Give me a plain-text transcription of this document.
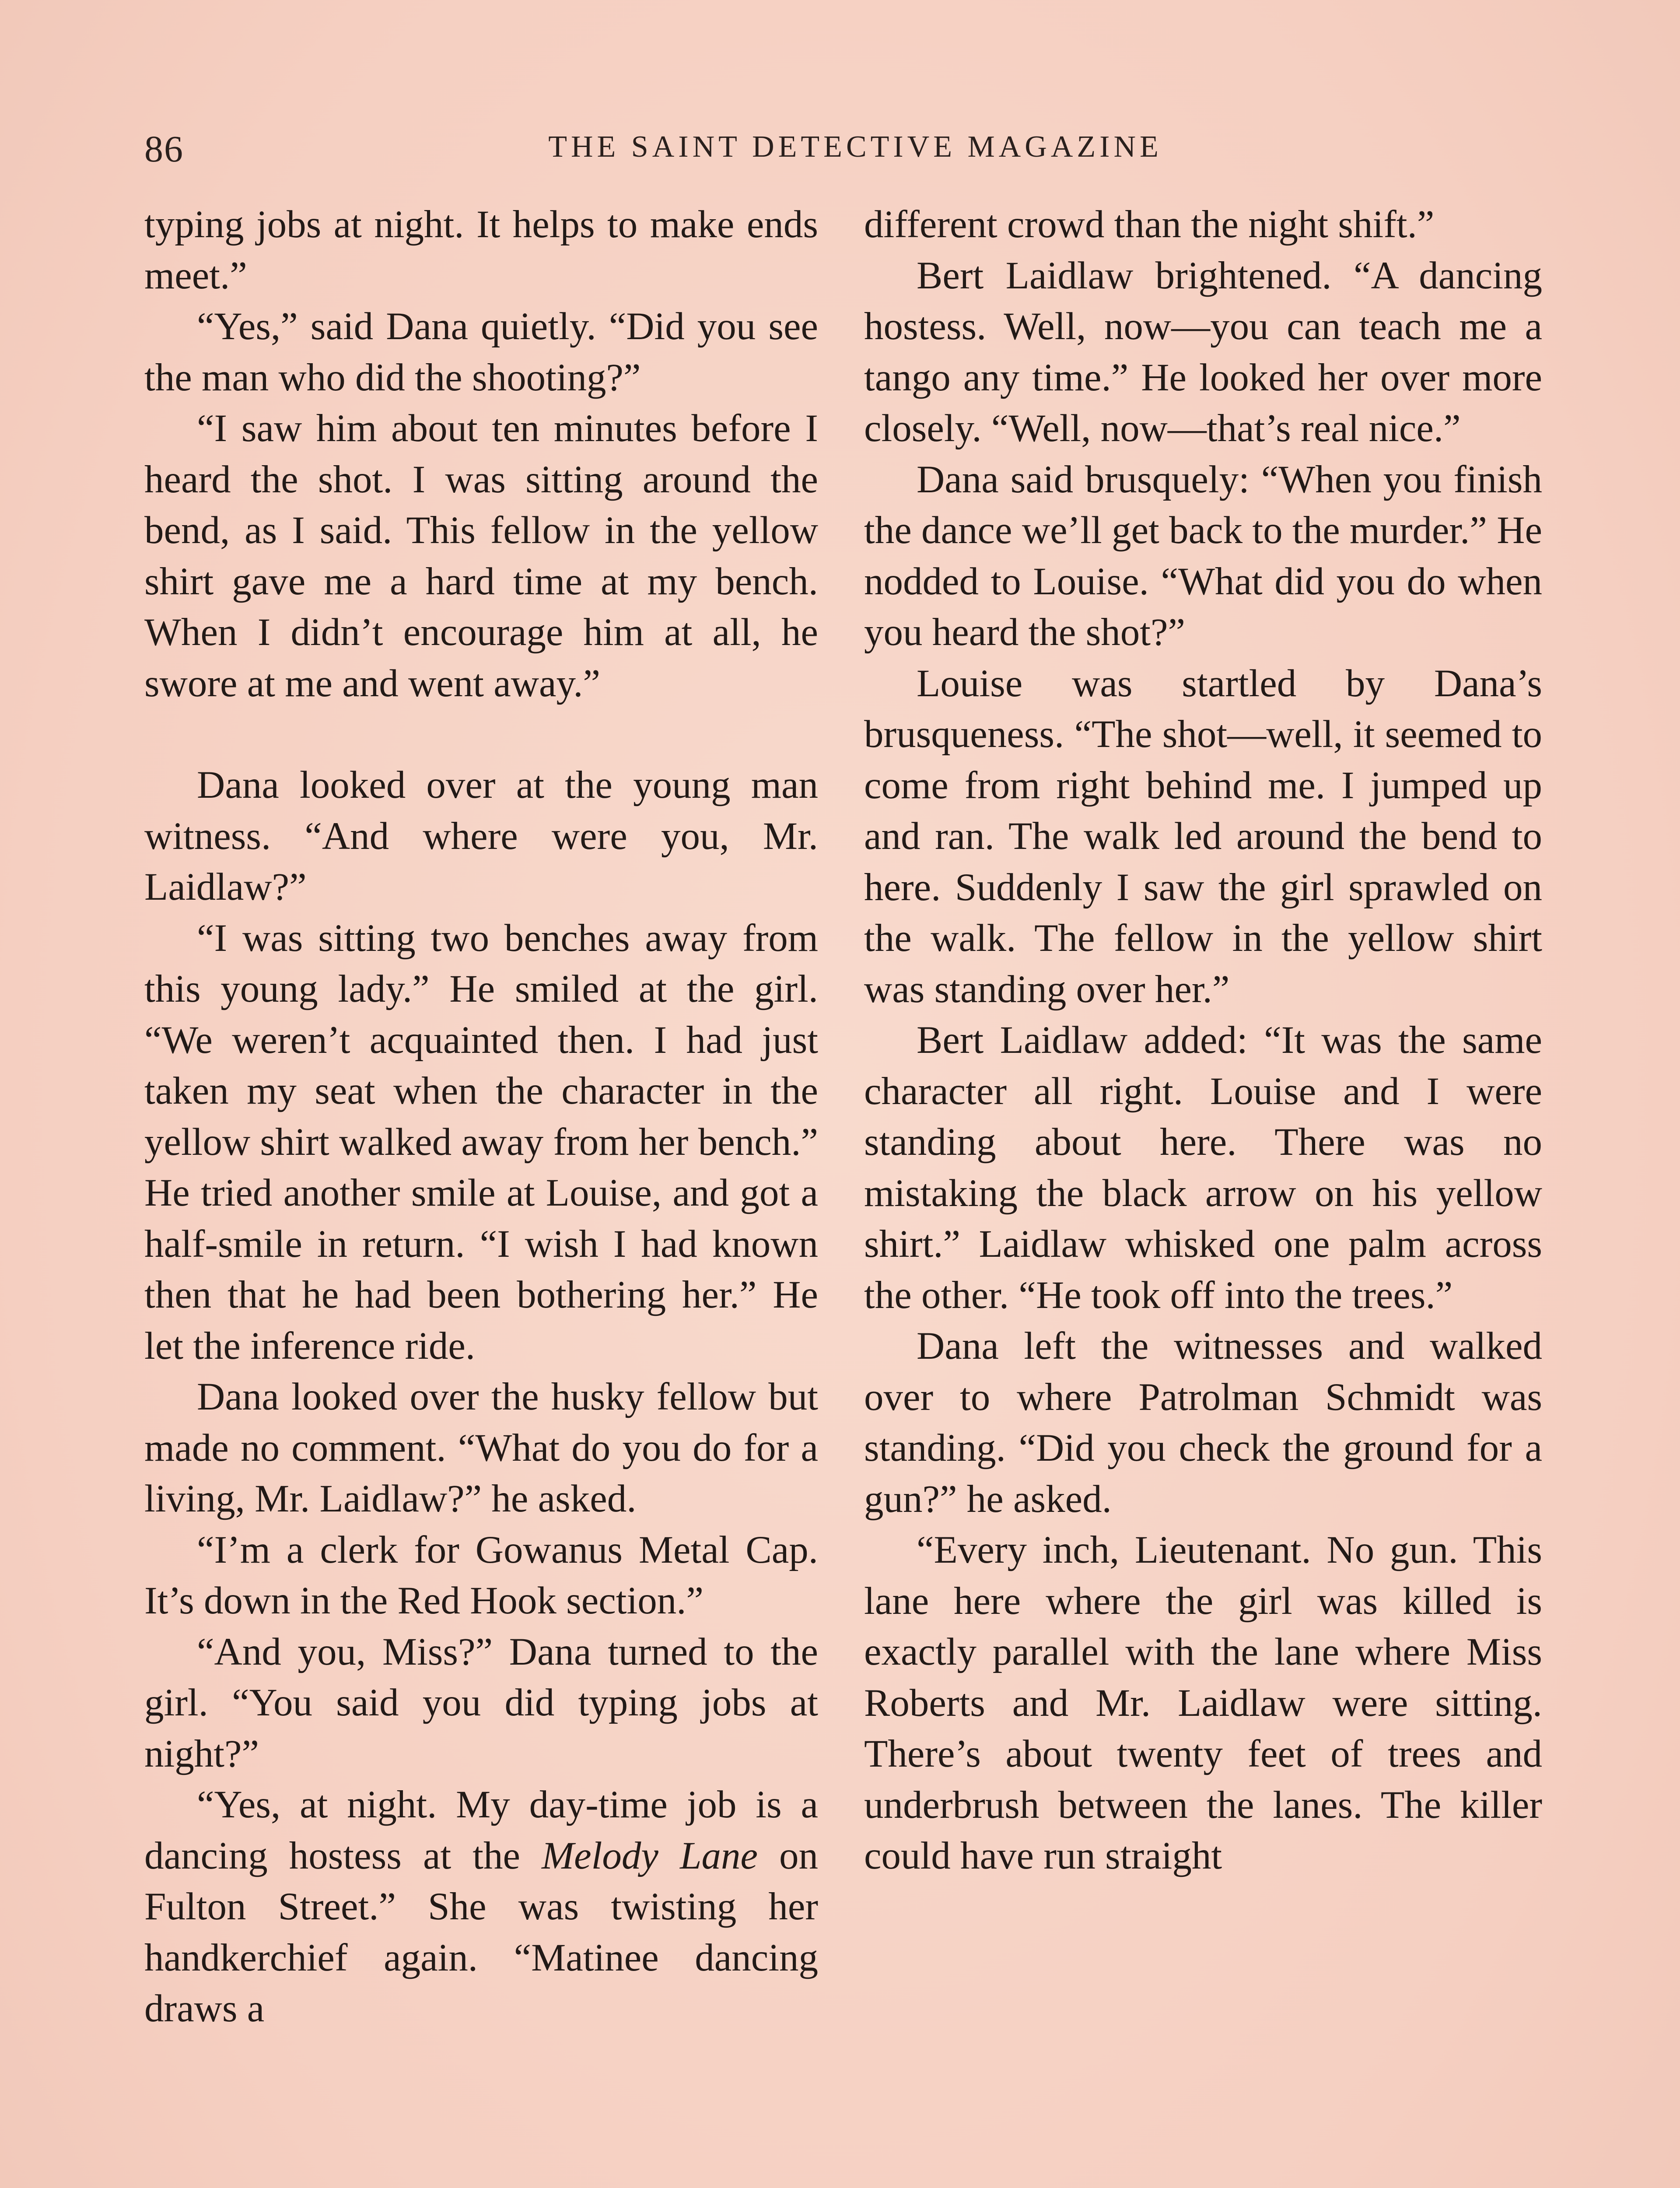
86	THE SAINT DETECTIVE MAGAZINE

typing jobs at night. It helps to make ends meet.”

“Yes,” said Dana quietly. “Did you see the man who did the shooting?”

“I saw him about ten minutes before I heard the shot. I was sitting around the bend, as I said. This fellow in the yellow shirt gave me a hard time at my bench. When I didn’t encourage him at all, he swore at me and went away.”

Dana looked over at the young man witness. “And where were you, Mr. Laidlaw?”

“I was sitting two benches away from this young lady.” He smiled at the girl. “We weren’t acquainted then. I had just taken my seat when the character in the yellow shirt walked away from her bench.” He tried another smile at Louise, and got a half-smile in return. “I wish I had known then that he had been bothering her.” He let the inference ride.

Dana looked over the husky fellow but made no comment. “What do you do for a living, Mr. Laidlaw?” he asked.

“I’m a clerk for Gowanus Metal Cap. It’s down in the Red Hook section.”

“And you, Miss?” Dana turned to the girl. “You said you did typing jobs at night?”

“Yes, at night. My day-time job is a dancing hostess at the Melody Lane on Fulton Street.” She was twisting her handkerchief again. “Matinee dancing draws a

different crowd than the night shift.”

Bert Laidlaw brightened. “A dancing hostess. Well, now—you can teach me a tango any time.” He looked her over more closely. “Well, now—that’s real nice.”

Dana said brusquely: “When you finish the dance we’ll get back to the murder.” He nodded to Louise. “What did you do when you heard the shot?”

Louise was startled by Dana’s brusqueness. “The shot—well, it seemed to come from right behind me. I jumped up and ran. The walk led around the bend to here. Suddenly I saw the girl sprawled on the walk. The fellow in the yellow shirt was standing over her.”

Bert Laidlaw added: “It was the same character all right. Louise and I were standing about here. There was no mistaking the black arrow on his yellow shirt.” Laidlaw whisked one palm across the other. “He took off into the trees.”

Dana left the witnesses and walked over to where Patrolman Schmidt was standing. “Did you check the ground for a gun?” he asked.

“Every inch, Lieutenant. No gun. This lane here where the girl was killed is exactly parallel with the lane where Miss Roberts and Mr. Laidlaw were sitting. There’s about twenty feet of trees and underbrush between the lanes. The killer could have run straight
